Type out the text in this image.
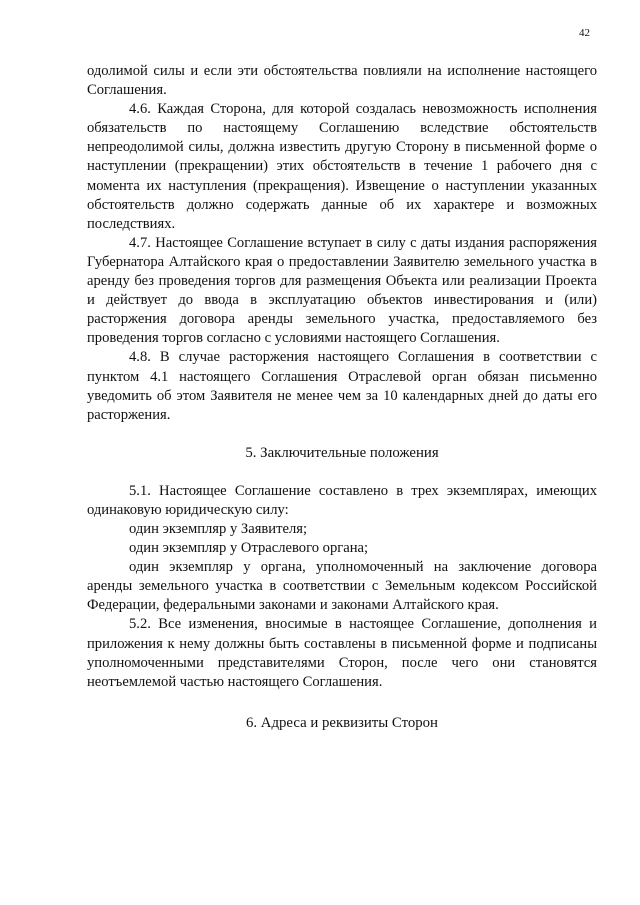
42

одолимой силы и если эти обстоятельства повлияли на исполнение настоящего Соглашения.

4.6. Каждая Сторона, для которой создалась невозможность исполнения обязательств по настоящему Соглашению вследствие обстоятельств непреодолимой силы, должна известить другую Сторону в письменной форме о наступлении (прекращении) этих обстоятельств в течение 1 рабочего дня с момента их наступления (прекращения). Извещение о наступлении указанных обстоятельств должно содержать данные об их характере и возможных последствиях.

4.7. Настоящее Соглашение вступает в силу с даты издания распоряжения Губернатора Алтайского края о предоставлении Заявителю земельного участка в аренду без проведения торгов для размещения Объекта или реализации Проекта и действует до ввода в эксплуатацию объектов инвестирования и (или) расторжения договора аренды земельного участка, предоставляемого без проведения торгов согласно с условиями настоящего Соглашения.

4.8. В случае расторжения настоящего Соглашения в соответствии с пунктом 4.1 настоящего Соглашения Отраслевой орган обязан письменно уведомить об этом Заявителя не менее чем за 10 календарных дней до даты его расторжения.

5. Заключительные положения

5.1. Настоящее Соглашение составлено в трех экземплярах, имеющих одинаковую юридическую силу:

один экземпляр у Заявителя;

один экземпляр у Отраслевого органа;

один экземпляр у органа, уполномоченный на заключение договора аренды земельного участка в соответствии с Земельным кодексом Российской Федерации, федеральными законами и законами Алтайского края.

5.2. Все изменения, вносимые в настоящее Соглашение, дополнения и приложения к нему должны быть составлены в письменной форме и подписаны уполномоченными представителями Сторон, после чего они становятся неотъемлемой частью настоящего Соглашения.

6. Адреса и реквизиты Сторон
